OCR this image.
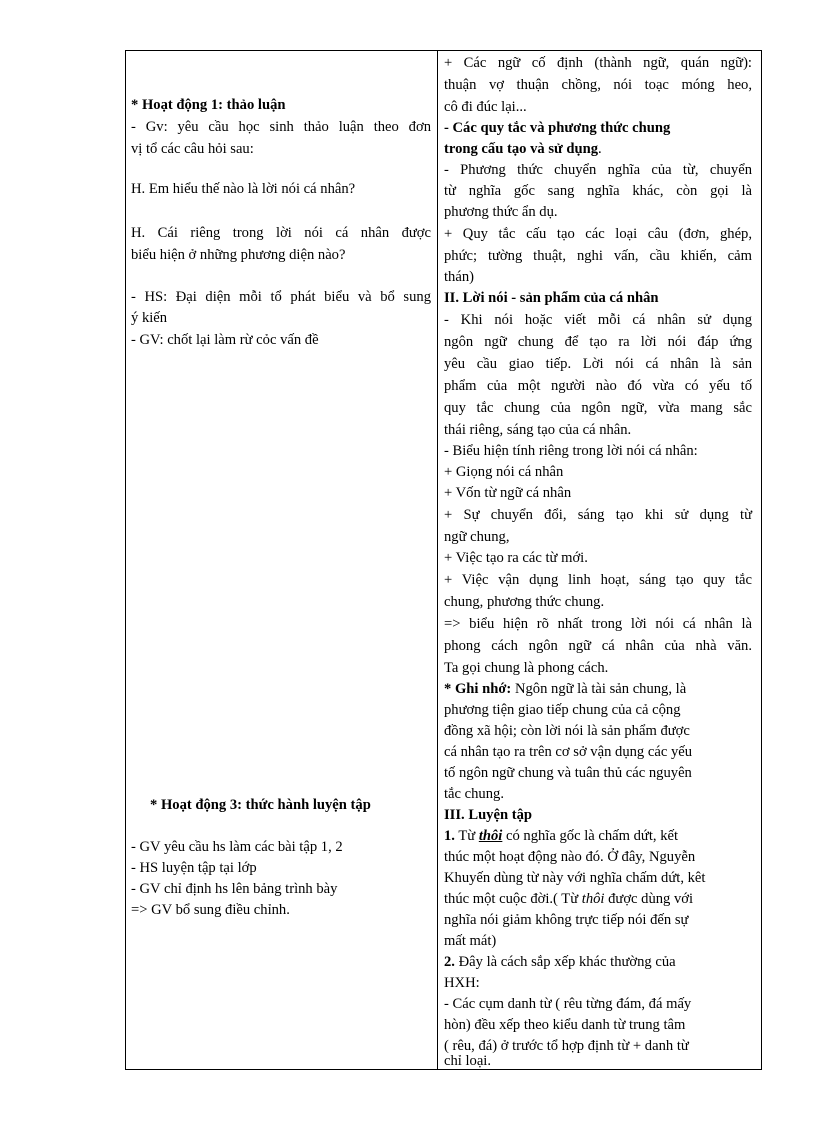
* Hoạt động 1: thảo luận
- Gv: yêu cầu học sinh thảo luận theo đơn
vị tổ các câu hỏi sau:
H. Em hiểu thế nào là lời nói cá nhân?
H. Cái riêng trong lời nói cá nhân được
biểu hiện ở những phương diện nào?
- HS: Đại diện mỗi tổ phát biểu và bổ sung
ý kiến
- GV: chốt lại làm rừ cỏc vấn đề
* Hoạt động 3: thức hành luyện tập
- GV yêu cầu hs làm các bài tập 1, 2
- HS luyện tập tại lớp
- GV chỉ định hs lên bảng trình bày
=> GV bổ sung điều chỉnh.
+ Các ngữ cố định (thành ngữ, quán ngữ):
thuận vợ thuận chồng, nói toạc móng heo,
cô đi đúc lại...
- Các quy tắc và phương thức chung
trong cấu tạo và sử dụng.
- Phương thức chuyển nghĩa của từ, chuyển
từ nghĩa gốc sang nghĩa khác, còn gọi là
phương thức ẩn dụ.
+ Quy tắc cấu tạo các loại câu (đơn, ghép,
phức; tường thuật, nghi vấn, cầu khiến, cảm
thán)
II. Lời nói - sản phẩm của cá nhân
- Khi nói hoặc viết mỗi cá nhân sử dụng
ngôn ngữ chung để tạo ra lời nói đáp ứng
yêu cầu giao tiếp. Lời nói cá nhân là sản
phẩm của một người nào đó vừa có yếu tố
quy tắc chung của ngôn ngữ, vừa mang sắc
thái riêng, sáng tạo của cá nhân.
- Biểu hiện tính riêng trong lời nói cá nhân:
+ Giọng nói cá nhân
+ Vốn từ ngữ cá nhân
+ Sự chuyển đổi, sáng tạo khi sử dụng từ
ngữ chung,
+ Việc tạo ra các từ mới.
+ Việc vận dụng linh hoạt, sáng tạo quy tắc
chung, phương thức chung.
=> biểu hiện rõ nhất trong lời nói cá nhân là
phong cách ngôn ngữ cá nhân của nhà văn.
Ta gọi chung là phong cách.
* Ghi nhớ: Ngôn ngữ là tài sản chung, là
phương tiện giao tiếp chung của cả cộng
đồng xã hội; còn lời nói là sản phẩm được
cá nhân tạo ra trên cơ sở vận dụng các yếu
tố ngôn ngữ chung và tuân thủ các nguyên
tắc chung.
III. Luyện tập
1. Từ thôi có nghĩa gốc là chấm dứt, kết
thúc một hoạt động nào đó. Ở đây, Nguyễn
Khuyến dùng từ này với nghĩa chấm dứt, kêt
thúc một cuộc đời.( Từ thôi được dùng với
nghĩa nói giảm không trực tiếp nói đến sự
mất mát)
2. Đây là cách sắp xếp khác thường của
HXH:
- Các cụm danh từ ( rêu từng đám, đá mấy
hòn) đều xếp theo kiểu danh từ trung tâm
( rêu, đá) ở trước tổ hợp định từ + danh từ
chỉ loại.
